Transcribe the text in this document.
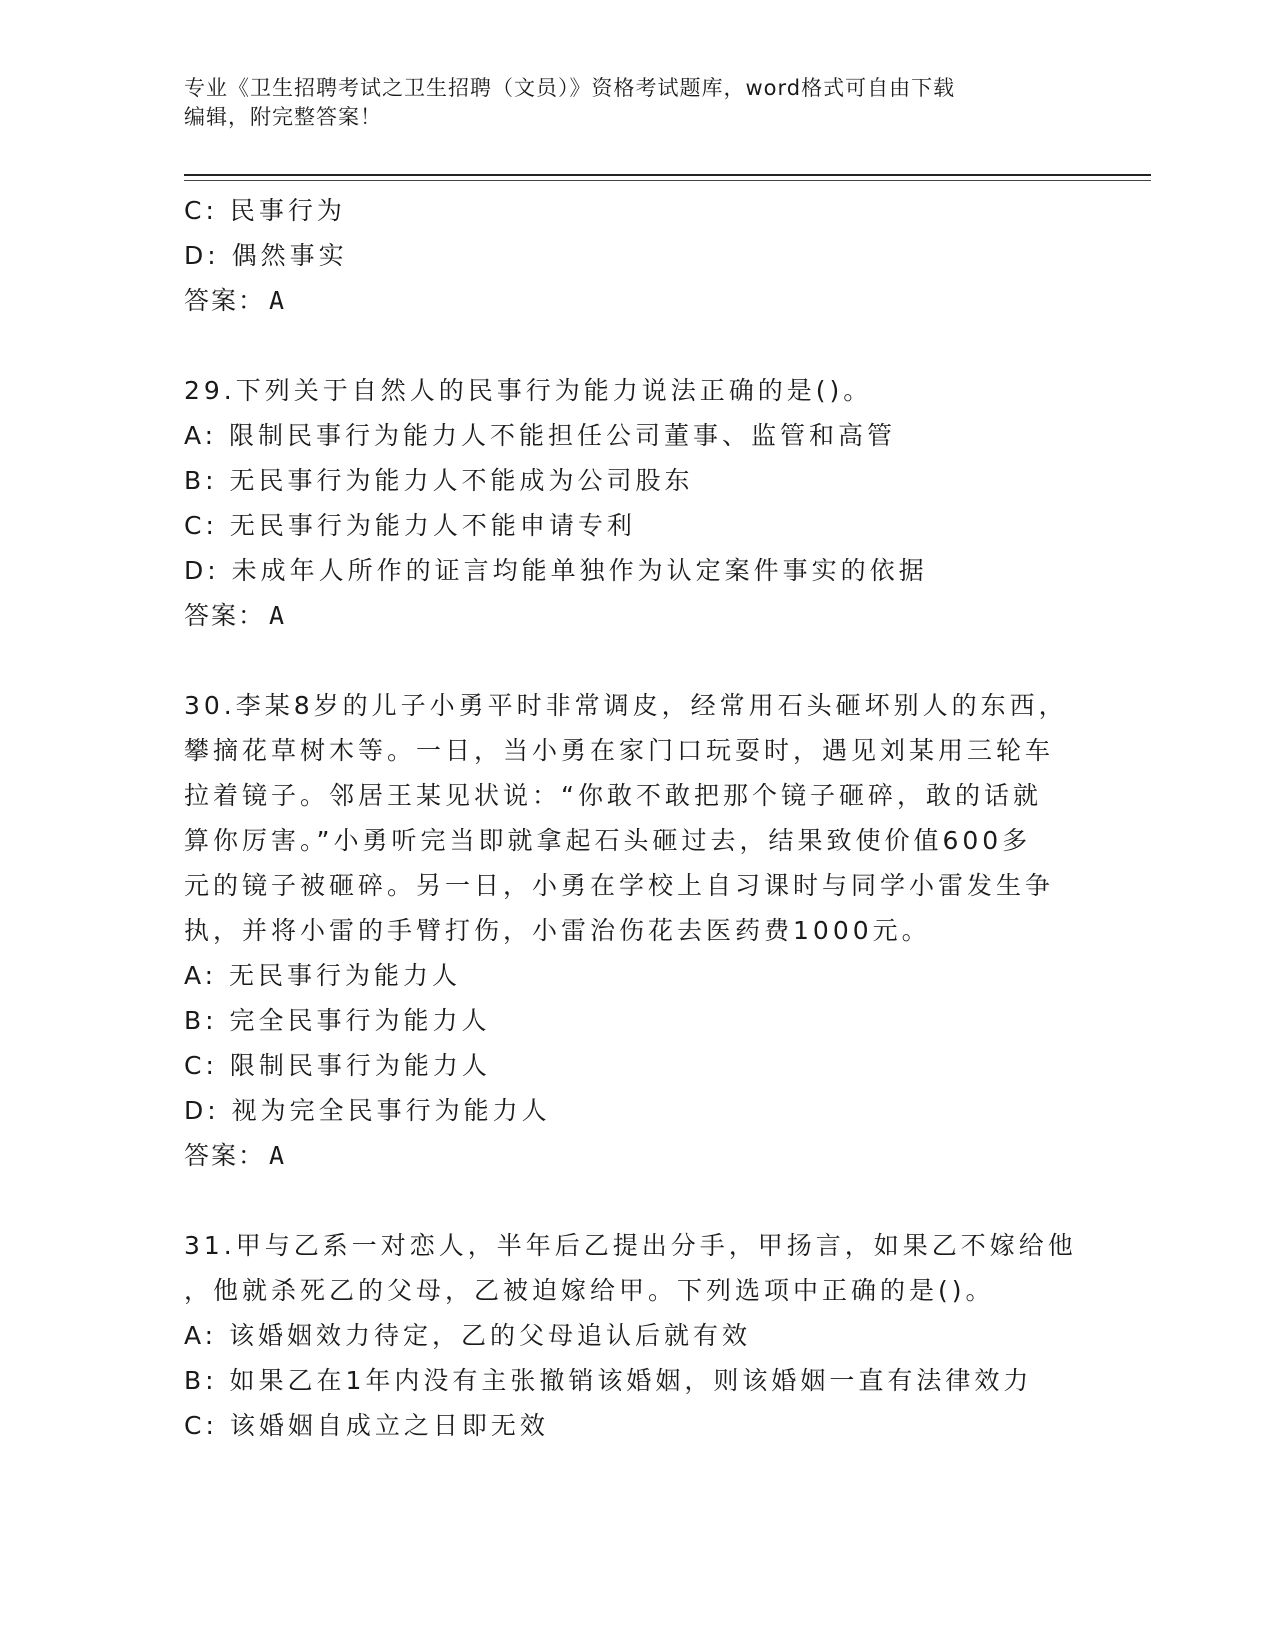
专业《卫生招聘考试之卫生招聘（文员）》资格考试题库，word格式可自由下载
编辑，附完整答案！
C: 民事行为
D: 偶然事实
答案： A
29.下列关于自然人的民事行为能力说法正确的是()。
A: 限制民事行为能力人不能担任公司董事、监管和高管
B: 无民事行为能力人不能成为公司股东
C: 无民事行为能力人不能申请专利
D: 未成年人所作的证言均能单独作为认定案件事实的依据
答案： A
30.李某8岁的儿子小勇平时非常调皮，经常用石头砸坏别人的东西，
攀摘花草树木等。一日，当小勇在家门口玩耍时，遇见刘某用三轮车
拉着镜子。邻居王某见状说：“你敢不敢把那个镜子砸碎，敢的话就
算你厉害。”小勇听完当即就拿起石头砸过去，结果致使价值600多
元的镜子被砸碎。另一日，小勇在学校上自习课时与同学小雷发生争
执，并将小雷的手臂打伤，小雷治伤花去医药费1000元。
A: 无民事行为能力人
B: 完全民事行为能力人
C: 限制民事行为能力人
D: 视为完全民事行为能力人
答案： A
31.甲与乙系一对恋人，半年后乙提出分手，甲扬言，如果乙不嫁给他
，他就杀死乙的父母，乙被迫嫁给甲。下列选项中正确的是()。
A: 该婚姻效力待定，乙的父母追认后就有效
B: 如果乙在1年内没有主张撤销该婚姻，则该婚姻一直有法律效力
C: 该婚姻自成立之日即无效
